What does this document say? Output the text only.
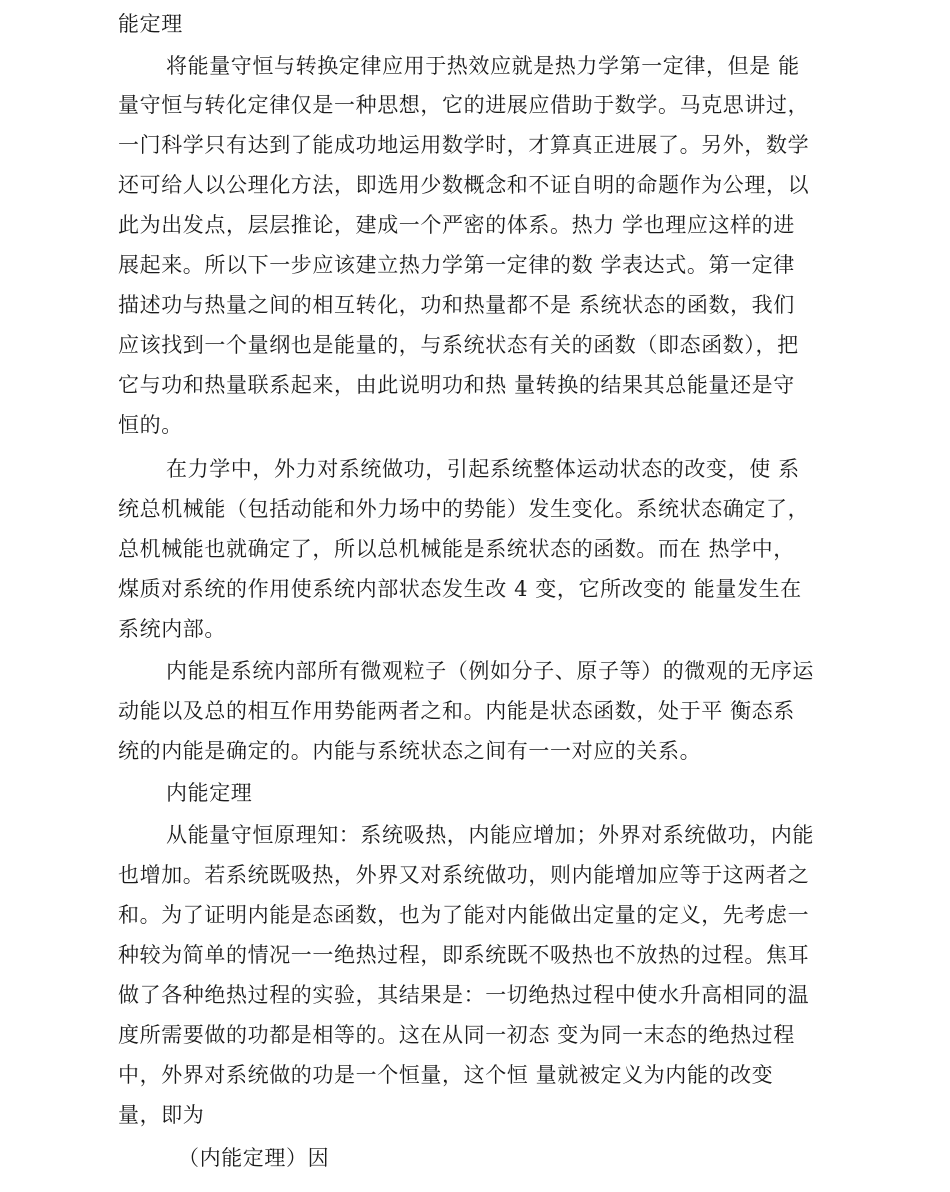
能定理
将能量守恒与转换定律应用于热效应就是热力学第一定律，但是 能
量守恒与转化定律仅是一种思想，它的进展应借助于数学。马克思讲过，
一门科学只有达到了能成功地运用数学时，才算真正进展了。另外，数学
还可给人以公理化方法，即选用少数概念和不证自明的命题作为公理，以
此为出发点，层层推论，建成一个严密的体系。热力 学也理应这样的进
展起来。所以下一步应该建立热力学第一定律的数 学表达式。第一定律
描述功与热量之间的相互转化，功和热量都不是 系统状态的函数，我们
应该找到一个量纲也是能量的，与系统状态有关的函数（即态函数），把
它与功和热量联系起来，由此说明功和热 量转换的结果其总能量还是守
恒的。
在力学中，外力对系统做功，引起系统整体运动状态的改变，使 系
统总机械能（包括动能和外力场中的势能）发生变化。系统状态确定了，
总机械能也就确定了，所以总机械能是系统状态的函数。而在 热学中，
煤质对系统的作用使系统内部状态发生改 4 变，它所改变的 能量发生在
系统内部。
内能是系统内部所有微观粒子（例如分子、原子等）的微观的无序运
动能以及总的相互作用势能两者之和。内能是状态函数，处于平 衡态系
统的内能是确定的。内能与系统状态之间有一一对应的关系。
内能定理
从能量守恒原理知：系统吸热，内能应增加；外界对系统做功，内能
也增加。若系统既吸热，外界又对系统做功，则内能增加应等于这两者之
和。为了证明内能是态函数，也为了能对内能做出定量的定义，先考虑一
种较为简单的情况一一绝热过程，即系统既不吸热也不放热的过程。焦耳
做了各种绝热过程的实验，其结果是：一切绝热过程中使水升高相同的温
度所需要做的功都是相等的。这在从同一初态 变为同一末态的绝热过程
中，外界对系统做的功是一个恒量，这个恒 量就被定义为内能的改变
量，即为
（内能定理）因
